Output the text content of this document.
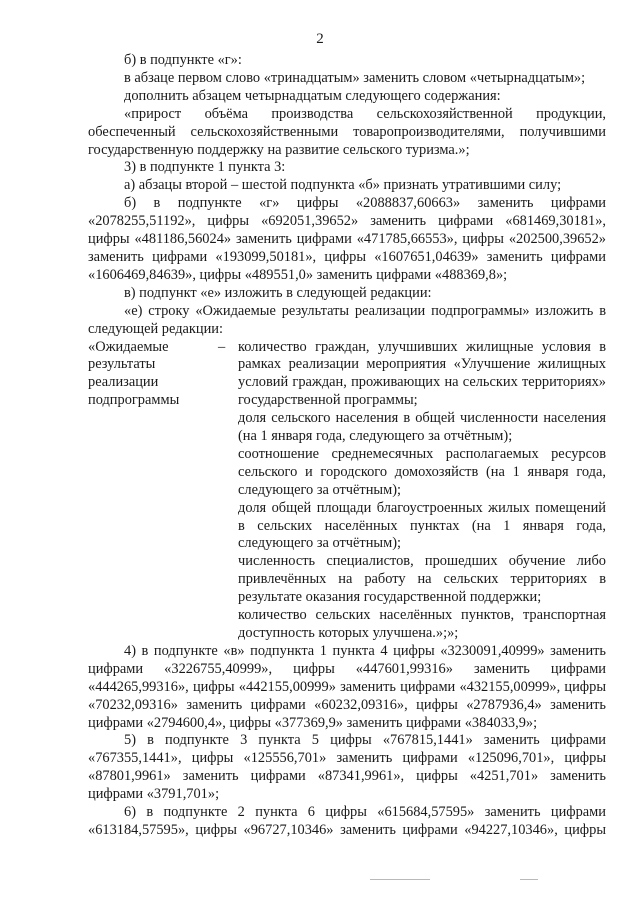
2

б) в подпункте «г»:

в абзаце первом слово «тринадцатым» заменить словом «четырнадцатым»;

дополнить абзацем четырнадцатым следующего содержания:

«прирост объёма производства сельскохозяйственной продукции, обеспеченный сельскохозяйственными товаропроизводителями, получившими государственную поддержку на развитие сельского туризма.»;

3) в подпункте 1 пункта 3:

а) абзацы второй – шестой подпункта «б» признать утратившими силу;

б) в подпункте «г» цифры «2088837,60663» заменить цифрами «2078255,51192», цифры «692051,39652» заменить цифрами «681469,30181», цифры «481186,56024» заменить цифрами «471785,66553», цифры «202500,39652» заменить цифрами «193099,50181», цифры «1607651,04639» заменить цифрами «1606469,84639», цифры «489551,0» заменить цифрами «488369,8»;

в) подпункт «е» изложить в следующей редакции:

«е) строку «Ожидаемые результаты реализации подпрограммы» изложить в следующей редакции:

«Ожидаемые результаты реализации подпрограммы
– количество граждан, улучшивших жилищные условия в рамках реализации мероприятия «Улучшение жилищных условий граждан, проживающих на сельских территориях» государственной программы;

доля сельского населения в общей численности населения (на 1 января года, следующего за отчётным);

соотношение среднемесячных располагаемых ресурсов сельского и городского домохозяйств (на 1 января года, следующего за отчётным);

доля общей площади благоустроенных жилых помещений в сельских населённых пунктах (на 1 января года, следующего за отчётным);

численность специалистов, прошедших обучение либо привлечённых на работу на сельских территориях в результате оказания государственной поддержки;

количество сельских населённых пунктов, транспортная доступность которых улучшена.»;»;

4) в подпункте «в» подпункта 1 пункта 4 цифры «3230091,40999» заменить цифрами «3226755,40999», цифры «447601,99316» заменить цифрами «444265,99316», цифры «442155,00999» заменить цифрами «432155,00999», цифры «70232,09316» заменить цифрами «60232,09316», цифры «2787936,4» заменить цифрами «2794600,4», цифры «377369,9» заменить цифрами «384033,9»;

5) в подпункте 3 пункта 5 цифры «767815,1441» заменить цифрами «767355,1441», цифры «125556,701» заменить цифрами «125096,701», цифры «87801,9961» заменить цифрами «87341,9961», цифры «4251,701» заменить цифрами «3791,701»;

6) в подпункте 2 пункта 6 цифры «615684,57595» заменить цифрами «613184,57595», цифры «96727,10346» заменить цифрами «94227,10346», цифры
